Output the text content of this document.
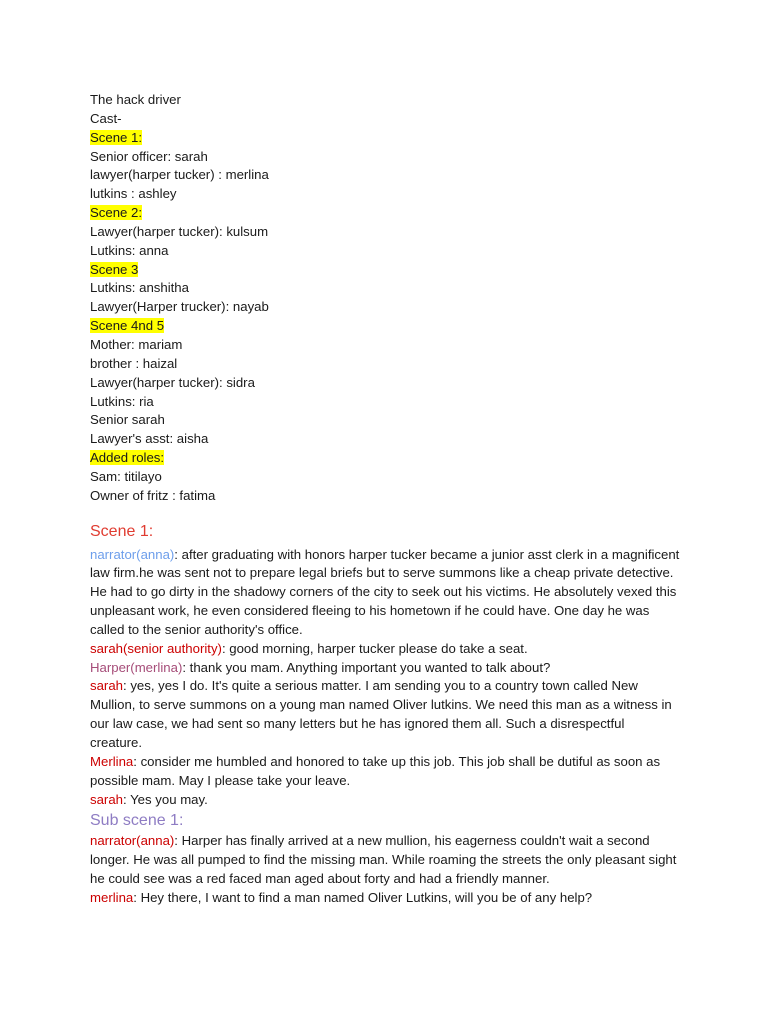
The hack driver
Cast-
Scene 1:
Senior officer: sarah
lawyer(harper tucker) : merlina
lutkins : ashley
Scene 2:
Lawyer(harper tucker): kulsum
Lutkins: anna
Scene 3
Lutkins: anshitha
Lawyer(Harper trucker): nayab
Scene 4nd 5
Mother: mariam
brother : haizal
Lawyer(harper tucker): sidra
Lutkins: ria
Senior sarah
Lawyer's asst: aisha
Added roles:
Sam: titilayo
Owner of fritz : fatima
Scene 1:

narrator(anna): after graduating with honors harper tucker became a junior asst clerk in a magnificent law firm.he was sent not to prepare legal briefs but to serve summons like a cheap private detective. He had to go dirty in the shadowy corners of the city to seek out his victims. He absolutely vexed this unpleasant work, he even considered fleeing to his hometown if he could have. One day he was called to the senior authority's office.

sarah(senior authority): good morning, harper tucker please do take a seat.

Harper(merlina): thank you mam. Anything important you wanted to talk about?

sarah: yes, yes I do. It's quite a serious matter. I am sending you to a country town called New Mullion, to serve summons on a young man named Oliver lutkins. We need this man as a witness in our law case, we had sent so many letters but he has ignored them all. Such a disrespectful creature.

Merlina: consider me humbled and honored to take up this job. This job shall be dutiful as soon as possible mam. May I please take your leave.

sarah: Yes you may.

Sub scene 1:

narrator(anna): Harper has finally arrived at a new mullion, his eagerness couldn't wait a second longer. He was all pumped to find the missing man. While roaming the streets the only pleasant sight he could see was a red faced man aged about forty and had a friendly manner.

merlina: Hey there, I want to find a man named Oliver Lutkins, will you be of any help?
